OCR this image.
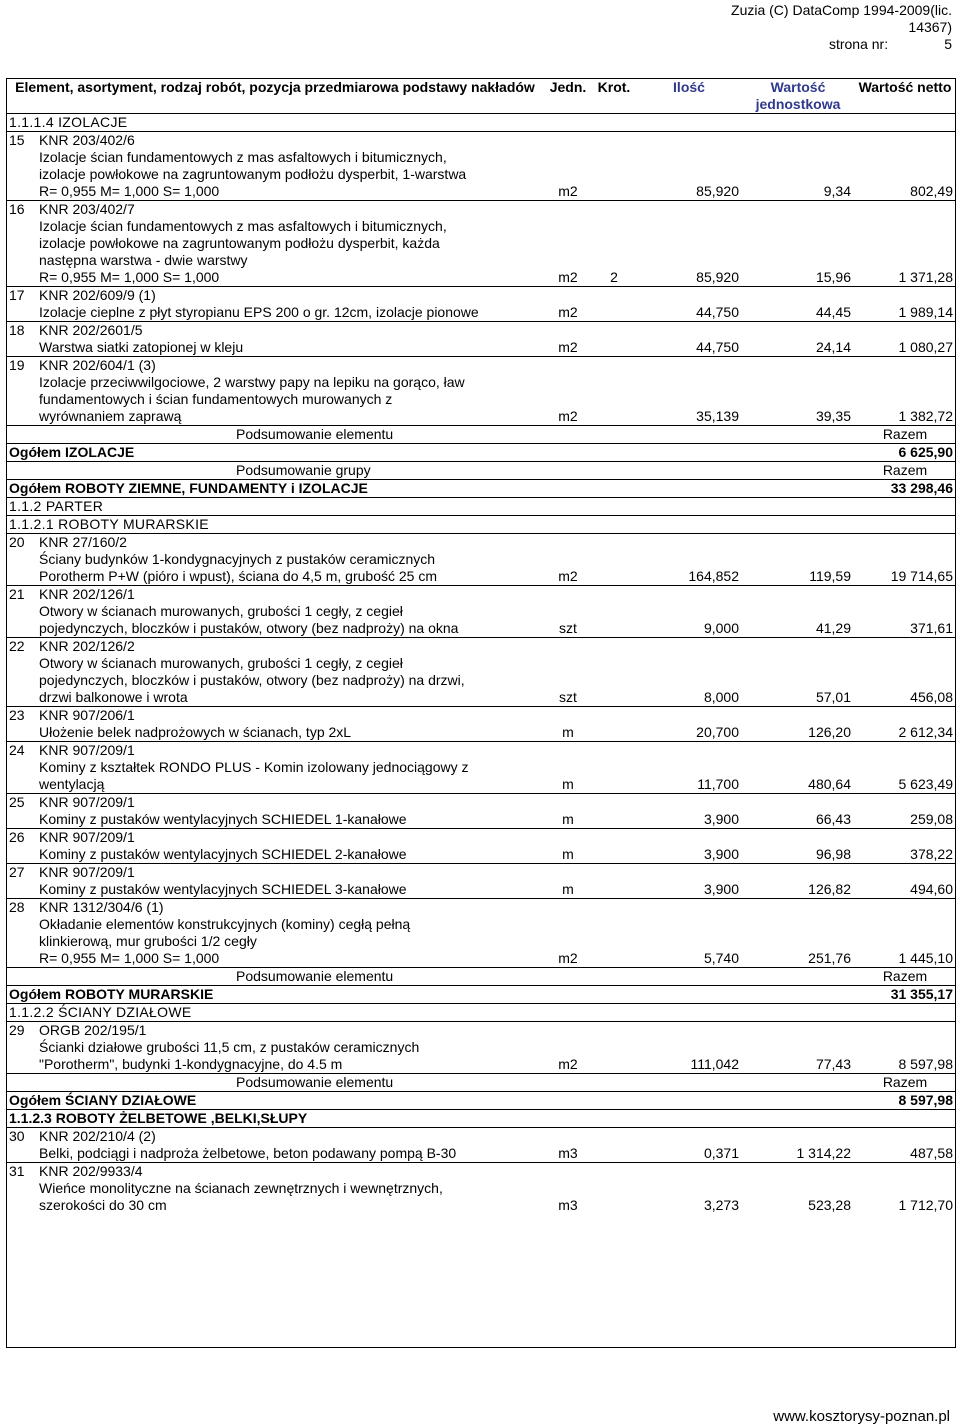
Zuzia (C) DataComp 1994-2009(lic.
14367)
strona nr:	5
Element, asortyment, rodzaj robót, pozycja przedmiarowa podstawy nakładów		Jedn.	Krot.	Ilość	Wartość jednostkowa	Wartość netto
1.1.1.4 IZOLACJE						
15	KNR 203/402/6
Izolacje ścian fundamentowych z mas asfaltowych i bitumicznych,
izolacje powłokowe na zagruntowanym podłożu dysperbit, 1-warstwa
R= 0,955 M= 1,000 S= 1,000	m2		85,920	9,34	802,49
16	KNR 203/402/7
Izolacje ścian fundamentowych z mas asfaltowych i bitumicznych,
izolacje powłokowe na zagruntowanym podłożu dysperbit, każda
następna warstwa - dwie warstwy
R= 0,955 M= 1,000 S= 1,000	m2	2	85,920	15,96	1 371,28
17	KNR 202/609/9 (1)
Izolacje cieplne z płyt styropianu EPS 200 o gr. 12cm, izolacje pionowe	m2		44,750	44,45	1 989,14
18	KNR 202/2601/5
Warstwa siatki zatopionej w kleju	m2		44,750	24,14	1 080,27
19	KNR 202/604/1 (3)
Izolacje przeciwwilgociowe, 2 warstwy papy na lepiku na gorąco, ław
fundamentowych i ścian fundamentowych murowanych z
wyrównaniem zaprawą	m2		35,139	39,35	1 382,72
Podsumowanie elementu						Razem
Ogółem IZOLACJE						6 625,90
Podsumowanie grupy						Razem
Ogółem ROBOTY ZIEMNE, FUNDAMENTY i IZOLACJE						33 298,46
1.1.2 PARTER						
1.1.2.1 ROBOTY MURARSKIE						
20	KNR 27/160/2
Ściany budynków 1-kondygnacyjnych z pustaków ceramicznych
Porotherm P+W (pióro i wpust), ściana do 4,5 m, grubość 25 cm	m2		164,852	119,59	19 714,65
21	KNR 202/126/1
Otwory w ścianach murowanych, grubości 1 cegły, z cegieł
pojedynczych, bloczków i pustaków, otwory (bez nadproży) na okna	szt		9,000	41,29	371,61
22	KNR 202/126/2
Otwory w ścianach murowanych, grubości 1 cegły, z cegieł
pojedynczych, bloczków i pustaków, otwory (bez nadproży) na drzwi,
drzwi balkonowe i wrota	szt		8,000	57,01	456,08
23	KNR 907/206/1
Ułożenie belek nadprożowych w ścianach, typ 2xL	m		20,700	126,20	2 612,34
24	KNR 907/209/1
Kominy z kształtek RONDO PLUS - Komin izolowany jednociągowy z
wentylacją	m		11,700	480,64	5 623,49
25	KNR 907/209/1
Kominy z pustaków wentylacyjnych SCHIEDEL 1-kanałowe	m		3,900	66,43	259,08
26	KNR 907/209/1
Kominy z pustaków wentylacyjnych SCHIEDEL 2-kanałowe	m		3,900	96,98	378,22
27	KNR 907/209/1
Kominy z pustaków wentylacyjnych SCHIEDEL 3-kanałowe	m		3,900	126,82	494,60
28	KNR 1312/304/6 (1)
Okładanie elementów konstrukcyjnych (kominy) cegłą pełną
klinkierową, mur grubości 1/2 cegły
R= 0,955 M= 1,000 S= 1,000	m2		5,740	251,76	1 445,10
Podsumowanie elementu						Razem
Ogółem ROBOTY MURARSKIE						31 355,17
1.1.2.2 ŚCIANY DZIAŁOWE						
29	ORGB 202/195/1
Ścianki działowe grubości 11,5 cm, z pustaków ceramicznych
"Porotherm", budynki 1-kondygnacyjne, do 4.5 m	m2		111,042	77,43	8 597,98
Podsumowanie elementu						Razem
Ogółem ŚCIANY DZIAŁOWE						8 597,98
1.1.2.3 ROBOTY ŻELBETOWE ,BELKI,SŁUPY						
30	KNR 202/210/4 (2)
Belki, podciągi i nadproża żelbetowe, beton podawany pompą B-30	m3		0,371	1 314,22	487,58
31	KNR 202/9933/4
Wieńce monolityczne na ścianach zewnętrznych i wewnętrznych,
szerokości do 30 cm	m3		3,273	523,28	1 712,70
www.kosztorysy-poznan.pl
